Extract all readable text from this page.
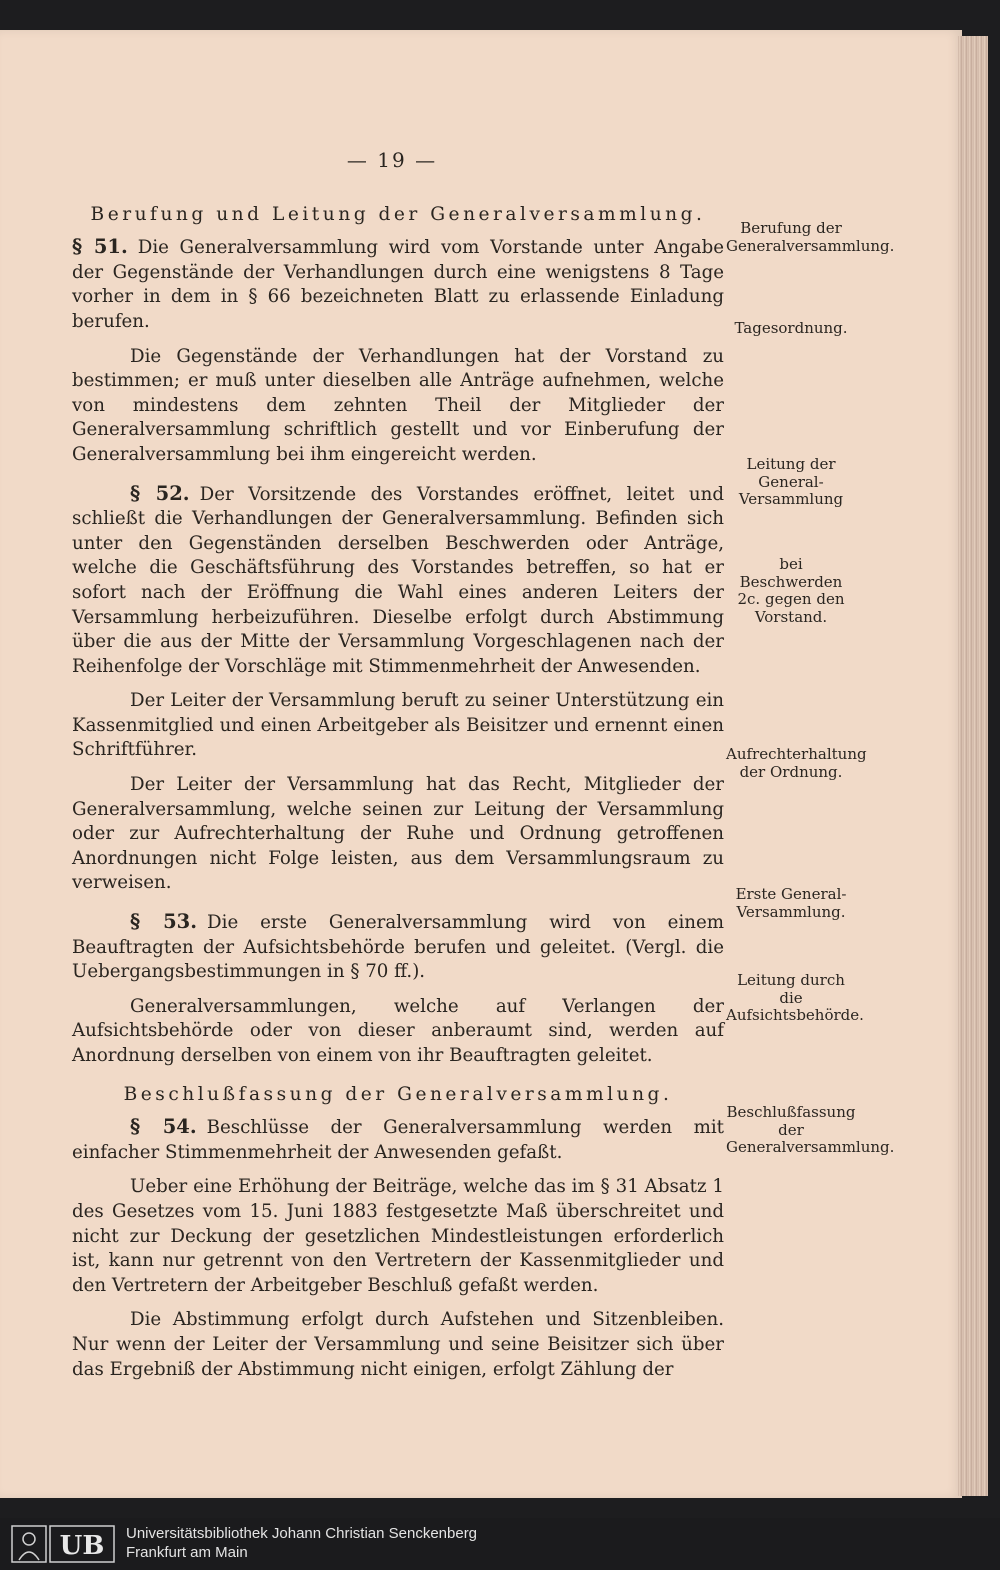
— 19 —
Berufung und Leitung der Generalversammlung.

§ 51. Die Generalversammlung wird vom Vorstande unter Angabe der Gegenstände der Verhandlungen durch eine wenigstens 8 Tage vorher in dem in § 66 bezeichneten Blatt zu erlassende Einladung berufen.

Die Gegenstände der Verhandlungen hat der Vorstand zu bestimmen; er muß unter dieselben alle Anträge aufnehmen, welche von mindestens dem zehnten Theil der Mitglieder der Generalversammlung schriftlich gestellt und vor Einberufung der Generalversammlung bei ihm eingereicht werden.

§ 52. Der Vorsitzende des Vorstandes eröffnet, leitet und schließt die Verhandlungen der Generalversammlung. Befinden sich unter den Gegenständen derselben Beschwerden oder Anträge, welche die Geschäftsführung des Vorstandes betreffen, so hat er sofort nach der Eröffnung die Wahl eines anderen Leiters der Versammlung herbeizuführen. Dieselbe erfolgt durch Abstimmung über die aus der Mitte der Versammlung Vorgeschlagenen nach der Reihenfolge der Vorschläge mit Stimmenmehrheit der Anwesenden.

Der Leiter der Versammlung beruft zu seiner Unterstützung ein Kassenmitglied und einen Arbeitgeber als Beisitzer und ernennt einen Schriftführer.

Der Leiter der Versammlung hat das Recht, Mitglieder der Generalversammlung, welche seinen zur Leitung der Versammlung oder zur Aufrechterhaltung der Ruhe und Ordnung getroffenen Anordnungen nicht Folge leisten, aus dem Versammlungsraum zu verweisen.

§ 53. Die erste Generalversammlung wird von einem Beauftragten der Aufsichtsbehörde berufen und geleitet. (Vergl. die Uebergangsbestimmungen in § 70 ff.).

Generalversammlungen, welche auf Verlangen der Aufsichtsbehörde oder von dieser anberaumt sind, werden auf Anordnung derselben von einem von ihr Beauftragten geleitet.

Beschlußfassung der Generalversammlung.

§ 54. Beschlüsse der Generalversammlung werden mit einfacher Stimmenmehrheit der Anwesenden gefaßt.

Ueber eine Erhöhung der Beiträge, welche das im § 31 Absatz 1 des Gesetzes vom 15. Juni 1883 festgesetzte Maß überschreitet und nicht zur Deckung der gesetzlichen Mindestleistungen erforderlich ist, kann nur getrennt von den Vertretern der Kassenmitglieder und den Vertretern der Arbeitgeber Beschluß gefaßt werden.

Die Abstimmung erfolgt durch Aufstehen und Sitzenbleiben. Nur wenn der Leiter der Versammlung und seine Beisitzer sich über das Ergebniß der Abstimmung nicht einigen, erfolgt Zählung der

Berufung der Generalversammlung.

Tagesordnung.

Leitung der General-Versammlung

bei Beschwerden 2c. gegen den Vorstand.

Aufrechterhaltung der Ordnung.

Erste General-Versammlung.

Leitung durch die Aufsichtsbehörde.

Beschlußfassung der Generalversammlung.

UB Universitätsbibliothek Johann Christian Senckenberg
Frankfurt am Main
